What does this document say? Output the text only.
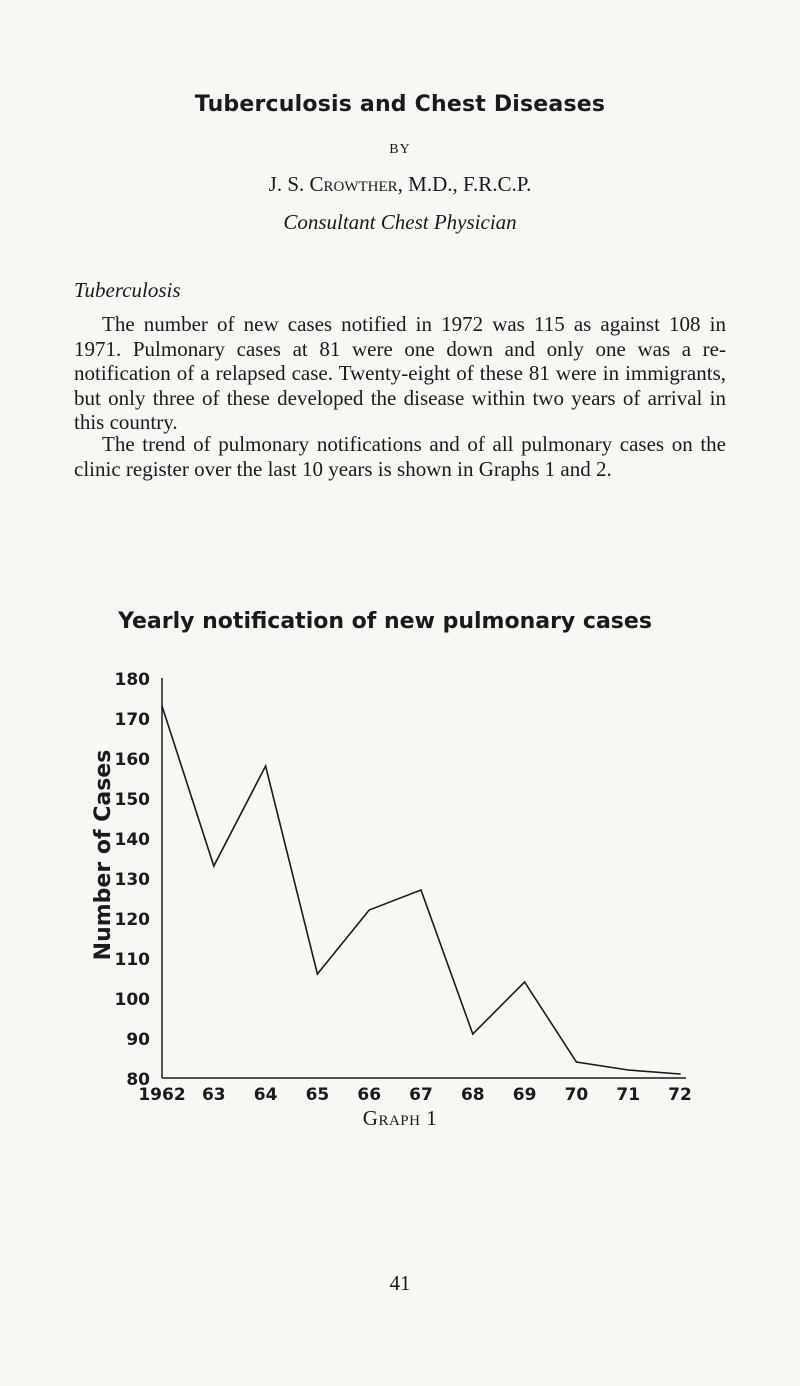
Tuberculosis and Chest Diseases
BY
J. S. Crowther, M.D., F.R.C.P.
Consultant Chest Physician
Tuberculosis

The number of new cases notified in 1972 was 115 as against 108 in 1971. Pulmonary cases at 81 were one down and only one was a re-notification of a relapsed case. Twenty-eight of these 81 were in immigrants, but only three of these developed the disease within two years of arrival in this country.

The trend of pulmonary notifications and of all pulmonary cases on the clinic register over the last 10 years is shown in Graphs 1 and 2.

Yearly notification of new pulmonary cases
Number of Cases
180
170
160
150
140
130
120
110
100
90
80
1962 63 64 65 66 67 68 69 70 71 72
Graph 1
41
